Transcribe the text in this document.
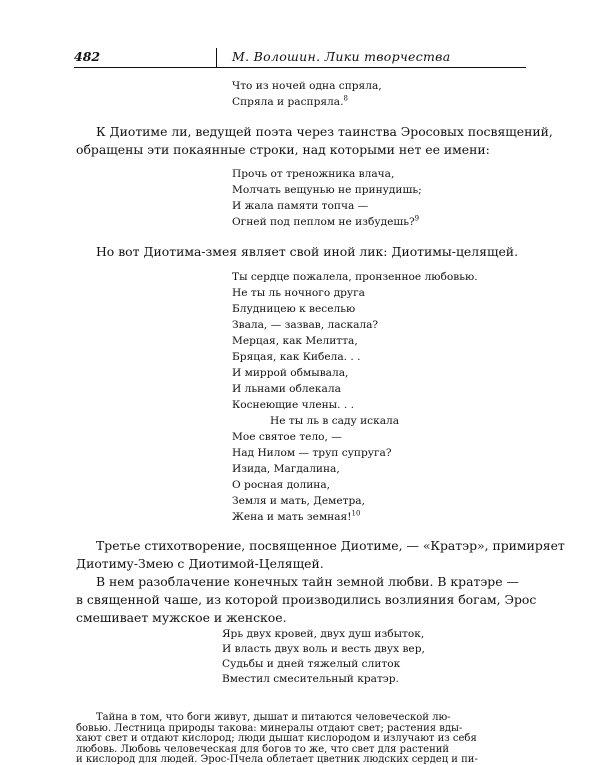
482	М. Волошин. Лики творчества
Что из ночей одна спряла,
Спряла и распряла.$^8$
К Диотиме ли, ведущей поэта через таинства Эросовых посвящений,
обращены эти покаянные строки, над которыми нет ее имени:
Прочь от треножника влача,
Молчать вещунью не принудишь;
И жала памяти топча —
Огней под пеплом не избудешь?$^9$
Но вот Диотима-змея являет свой иной лик: Диотимы-целящей.
Ты сердце пожалела, пронзенное любовью.
Не ты ль ночного друга
Блудницею к веселью
Звала, — зазвав, ласкала?
Мерцая, как Мелитта,
Бряцая, как Кибела. . .
И миррой обмывала,
И льнами облекала
Коснеющие члены. . .
Не ты ль в саду искала
Мое святое тело, —
Над Нилом — труп супруга?
Изида, Магдалина,
О росная долина,
Земля и мать, Деметра,
Жена и мать земная!$^{10}$
Третье стихотворение, посвященное Диотиме, — «Кратэр», примиряет
Диотиму-Змею с Диотимой-Целящей.
В нем разоблачение конечных тайн земной любви. В кратэре —
в священной чаше, из которой производились возлияния богам, Эрос
смешивает мужское и женское.
Ярь двух кровей, двух душ избыток,
И власть двух воль и весть двух вер,
Судьбы и дней тяжелый слиток
Вместил смесительный кратэр.
Тайна в том, что боги живут, дышат и питаются человеческой лю-
бовью. Лестница природы такова: минералы отдают свет; растения вды-
хают свет и отдают кислород; люди дышат кислородом и излучают из себя
любовь. Любовь человеческая для богов то же, что свет для растений
и кислород для людей. Эрос-Пчела облетает цветник людских сердец и пи-
